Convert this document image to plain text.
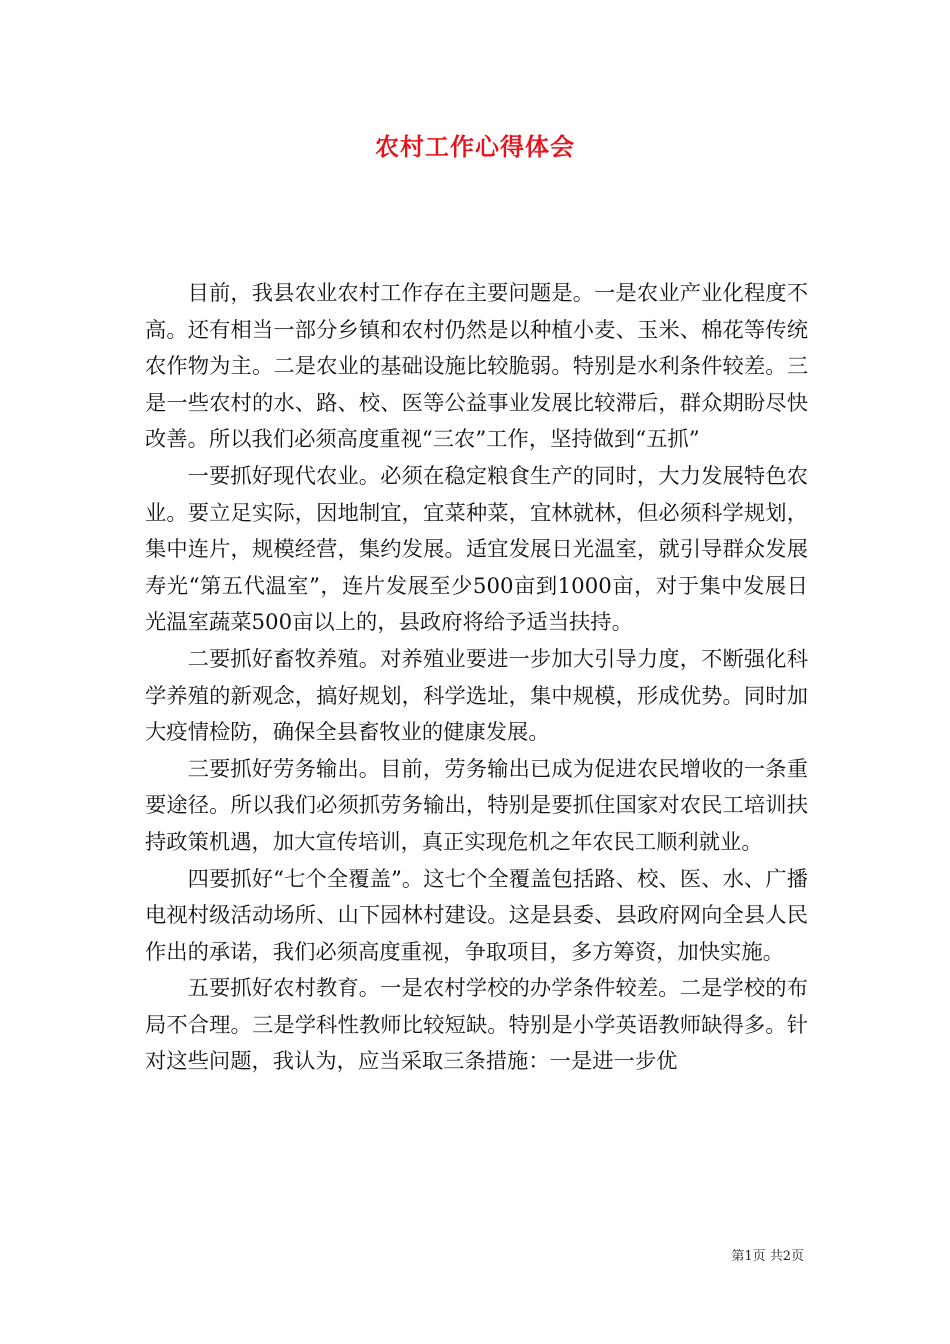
农村工作心得体会

目前，我县农业农村工作存在主要问题是。一是农业产业化程度不高。还有相当一部分乡镇和农村仍然是以种植小麦、玉米、棉花等传统农作物为主。二是农业的基础设施比较脆弱。特别是水利条件较差。三是一些农村的水、路、校、医等公益事业发展比较滞后，群众期盼尽快改善。所以我们必须高度重视“三农”工作，坚持做到“五抓”

一要抓好现代农业。必须在稳定粮食生产的同时，大力发展特色农业。要立足实际，因地制宜，宜菜种菜，宜林就林，但必须科学规划，集中连片，规模经营，集约发展。适宜发展日光温室，就引导群众发展寿光“第五代温室”，连片发展至少500亩到1000亩，对于集中发展日光温室蔬菜500亩以上的，县政府将给予适当扶持。

二要抓好畜牧养殖。对养殖业要进一步加大引导力度，不断强化科学养殖的新观念，搞好规划，科学选址，集中规模，形成优势。同时加大疫情检防，确保全县畜牧业的健康发展。

三要抓好劳务输出。目前，劳务输出已成为促进农民增收的一条重要途径。所以我们必须抓劳务输出，特别是要抓住国家对农民工培训扶持政策机遇，加大宣传培训，真正实现危机之年农民工顺利就业。

四要抓好“七个全覆盖”。这七个全覆盖包括路、校、医、水、广播电视村级活动场所、山下园林村建设。这是县委、县政府网向全县人民作出的承诺，我们必须高度重视，争取项目，多方筹资，加快实施。

五要抓好农村教育。一是农村学校的办学条件较差。二是学校的布局不合理。三是学科性教师比较短缺。特别是小学英语教师缺得多。针对这些问题，我认为，应当采取三条措施：一是进一步优

第1页 共2页
